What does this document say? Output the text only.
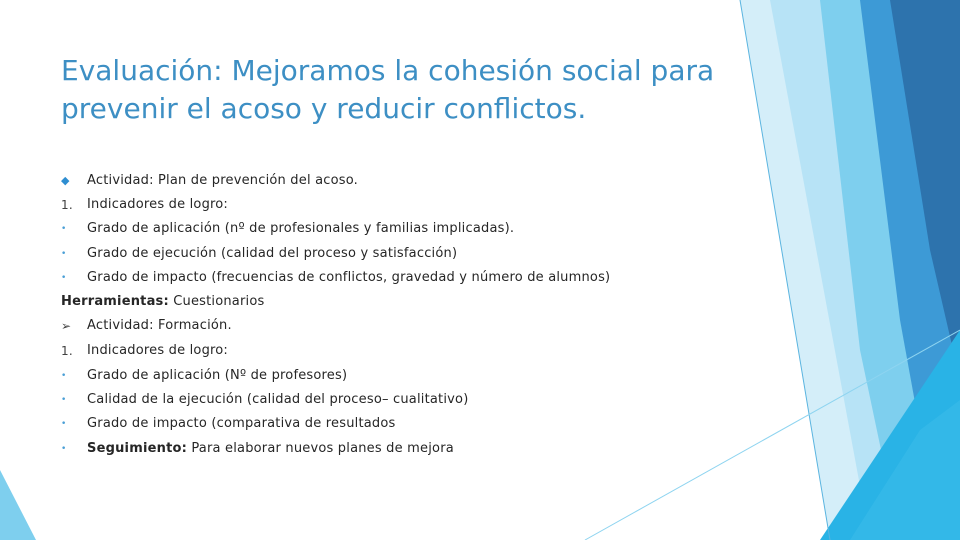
Evaluación: Mejoramos la cohesión social para prevenir el acoso y reducir conflictos.
◆	Actividad: Plan de prevención del acoso.
1.	Indicadores de logro:
•	Grado de aplicación (nº de profesionales y familias implicadas).
•	Grado de ejecución (calidad del proceso y satisfacción)
•	Grado de impacto (frecuencias de conflictos, gravedad y número de alumnos)
Herramientas: Cuestionarios
➢	Actividad: Formación.
1.	Indicadores de logro:
•	Grado de aplicación (Nº de profesores)
•	Calidad de la ejecución (calidad del proceso– cualitativo)
•	Grado de impacto (comparativa de resultados
•	Seguimiento: Para elaborar nuevos planes de mejora
